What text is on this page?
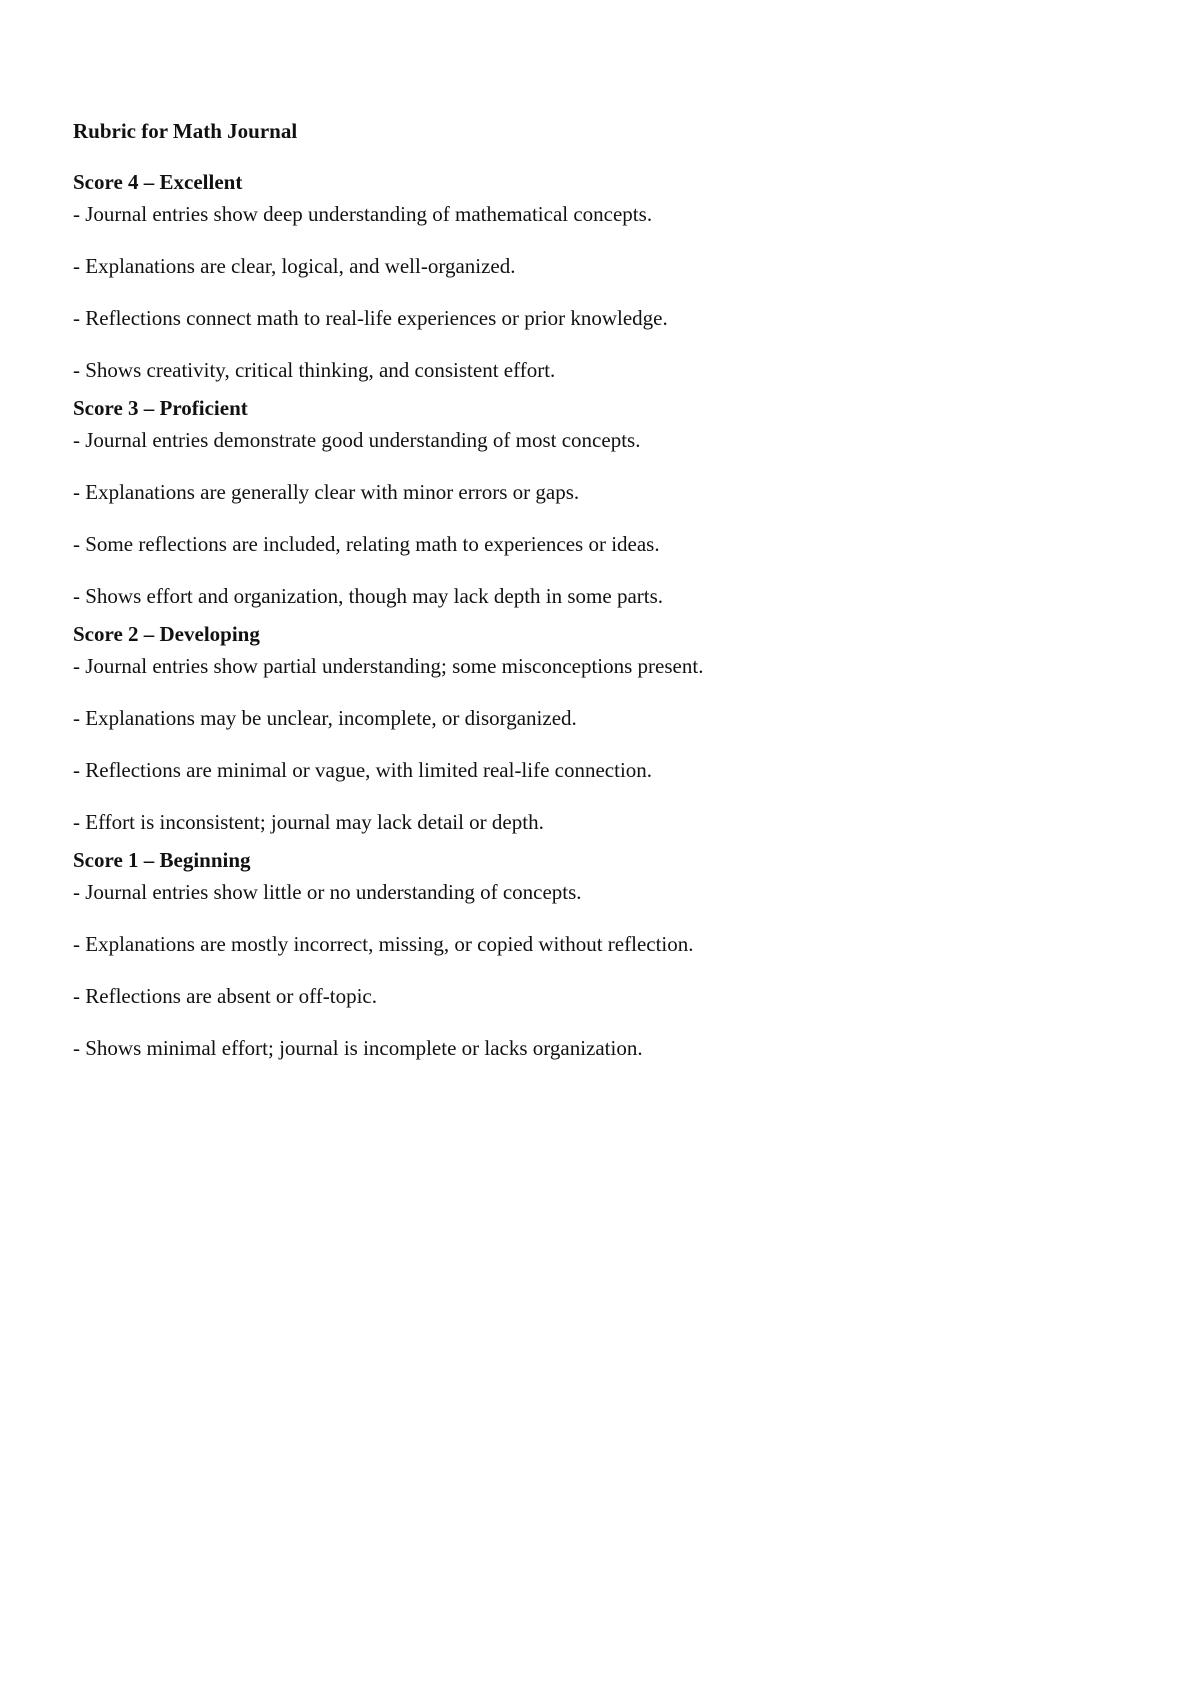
Rubric for Math Journal
Score 4 – Excellent
- Journal entries show deep understanding of mathematical concepts.
- Explanations are clear, logical, and well-organized.
- Reflections connect math to real-life experiences or prior knowledge.
- Shows creativity, critical thinking, and consistent effort.
Score 3 – Proficient
- Journal entries demonstrate good understanding of most concepts.
- Explanations are generally clear with minor errors or gaps.
- Some reflections are included, relating math to experiences or ideas.
- Shows effort and organization, though may lack depth in some parts.
Score 2 – Developing
- Journal entries show partial understanding; some misconceptions present.
- Explanations may be unclear, incomplete, or disorganized.
- Reflections are minimal or vague, with limited real-life connection.
- Effort is inconsistent; journal may lack detail or depth.
Score 1 – Beginning
- Journal entries show little or no understanding of concepts.
- Explanations are mostly incorrect, missing, or copied without reflection.
- Reflections are absent or off-topic.
- Shows minimal effort; journal is incomplete or lacks organization.
